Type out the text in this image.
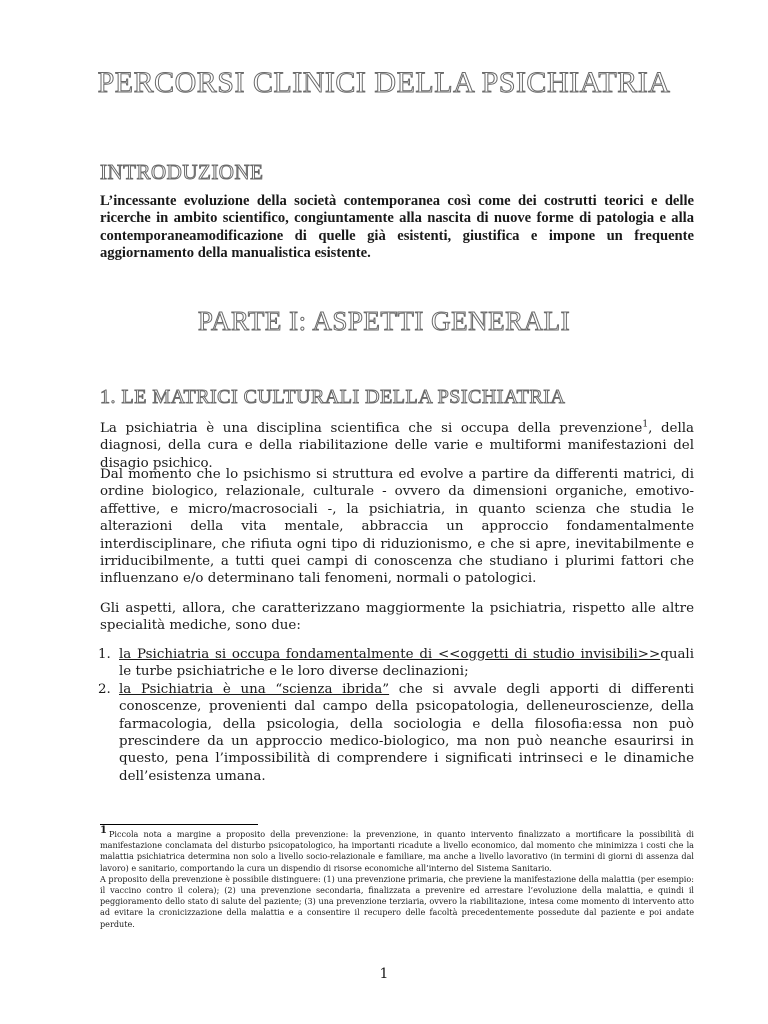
PERCORSI CLINICI DELLA PSICHIATRIA
INTRODUZIONE

L’incessante evoluzione della società contemporanea così come dei costrutti teorici e delle ricerche in ambito scientifico, congiuntamente alla nascita di nuove forme di patologia e alla contemporaneamodificazione di quelle già esistenti, giustifica e impone un frequente aggiornamento della manualistica esistente.

PARTE I: ASPETTI GENERALI
1. LE MATRICI CULTURALI DELLA PSICHIATRIA

La psichiatria è una disciplina scientifica che si occupa della prevenzione$^1$, della diagnosi, della cura e della riabilitazione delle varie e multiformi manifestazioni del disagio psichico.

Dal momento che lo psichismo si struttura ed evolve a partire da differenti matrici, di ordine biologico, relazionale, culturale - ovvero da dimensioni organiche, emotivo-affettive, e micro/macrosociali -, la psichiatria, in quanto scienza che studia le alterazioni della vita mentale, abbraccia un approccio fondamentalmente interdisciplinare, che rifiuta ogni tipo di riduzionismo, e che si apre, inevitabilmente e irriducibilmente, a tutti quei campi di conoscenza che studiano i plurimi fattori che influenzano e/o determinano tali fenomeni, normali o patologici.

Gli aspetti, allora, che caratterizzano maggiormente la psichiatria, rispetto alle altre specialità mediche, sono due:

1. la Psichiatria si occupa fondamentalmente di <<oggetti di studio invisibili>>quali le turbe psichiatriche e le loro diverse declinazioni;
2. la Psichiatria è una “scienza ibrida” che si avvale degli apporti di differenti conoscenze, provenienti dal campo della psicopatologia, delleneuroscienze, della farmacologia, della psicologia, della sociologia e della filosofia:essa non può prescindere da un approccio medico-biologico, ma non può neanche esaurirsi in questo, pena l’impossibilità di comprendere i significati intrinseci e le dinamiche dell’esistenza umana.

1 Piccola nota a margine a proposito della prevenzione: la prevenzione, in quanto intervento finalizzato a mortificare la possibilità di manifestazione conclamata del disturbo psicopatologico, ha importanti ricadute a livello economico, dal momento che minimizza i costi che la malattia psichiatrica determina non solo a livello socio-relazionale e familiare, ma anche a livello lavorativo (in termini di giorni di assenza dal lavoro) e sanitario, comportando la cura un dispendio di risorse economiche all’interno del Sistema Sanitario.

A proposito della prevenzione è possibile distinguere: (1) una prevenzione primaria, che previene la manifestazione della malattia (per esempio: il vaccino contro il colera); (2) una prevenzione secondaria, finalizzata a prevenire ed arrestare l’evoluzione della malattia, e quindi il peggioramento dello stato di salute del paziente; (3) una prevenzione terziaria, ovvero la riabilitazione, intesa come momento di intervento atto ad evitare la cronicizzazione della malattia e a consentire il recupero delle facoltà precedentemente possedute dal paziente e poi andate perdute.

1
